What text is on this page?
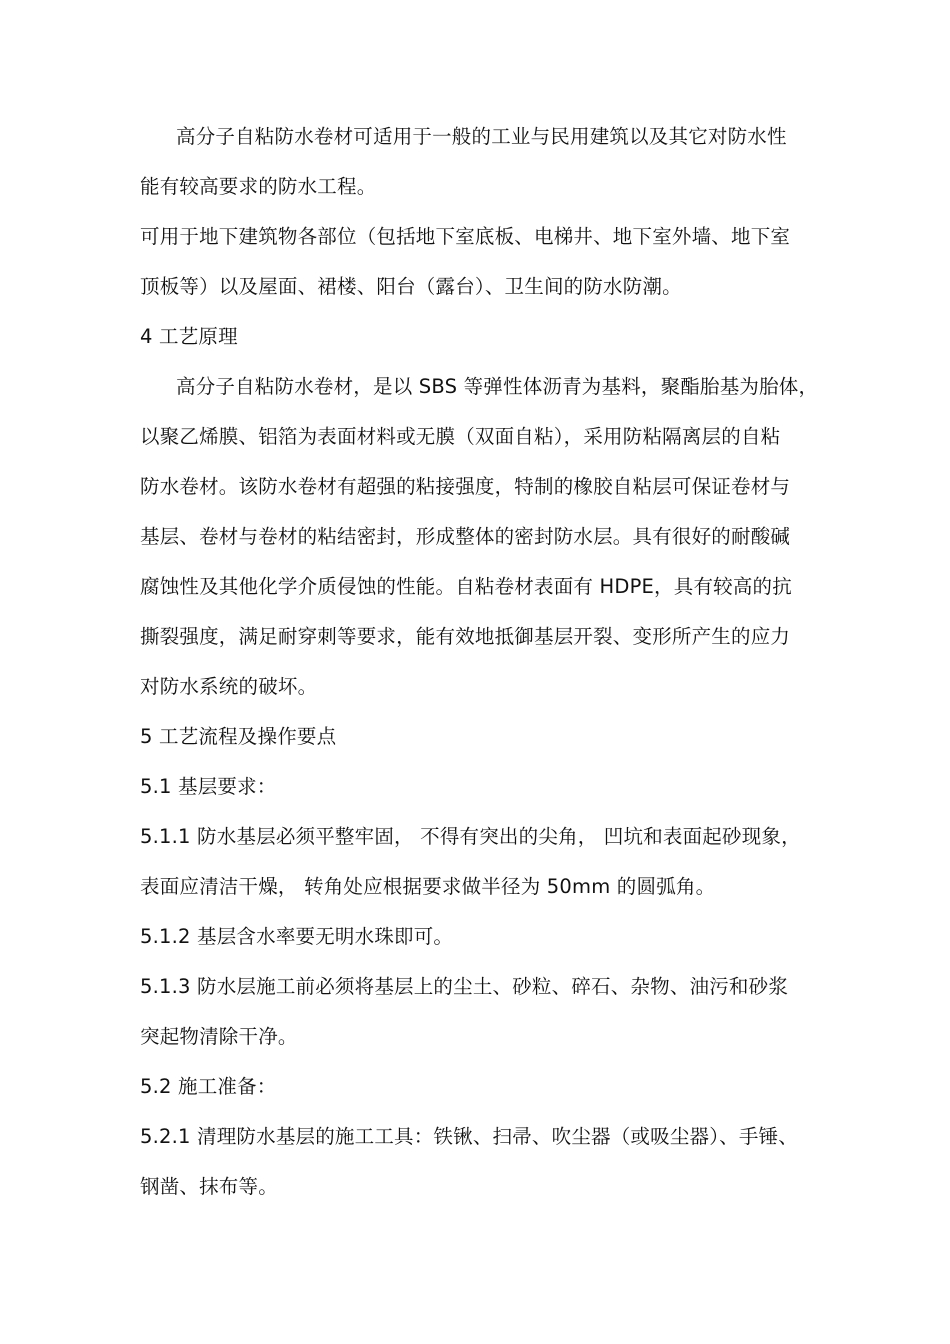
高分子自粘防水卷材可适用于一般的工业与民用建筑以及其它对防水性

能有较高要求的防水工程。

可用于地下建筑物各部位（包括地下室底板、电梯井、地下室外墙、地下室

顶板等）以及屋面、裙楼、阳台（露台）、卫生间的防水防潮。

4 工艺原理

高分子自粘防水卷材，是以 SBS 等弹性体沥青为基料，聚酯胎基为胎体，

以聚乙烯膜、铝箔为表面材料或无膜（双面自粘），采用防粘隔离层的自粘

防水卷材。该防水卷材有超强的粘接强度，特制的橡胶自粘层可保证卷材与

基层、卷材与卷材的粘结密封，形成整体的密封防水层。具有很好的耐酸碱

腐蚀性及其他化学介质侵蚀的性能。自粘卷材表面有 HDPE，具有较高的抗

撕裂强度，满足耐穿刺等要求，能有效地抵御基层开裂、变形所产生的应力

对防水系统的破坏。

5 工艺流程及操作要点

5.1 基层要求：

5.1.1 防水基层必须平整牢固， 不得有突出的尖角， 凹坑和表面起砂现象，

表面应清洁干燥， 转角处应根据要求做半径为 50mm 的圆弧角。

5.1.2 基层含水率要无明水珠即可。

5.1.3 防水层施工前必须将基层上的尘土、砂粒、碎石、杂物、油污和砂浆

突起物清除干净。

5.2 施工准备：

5.2.1 清理防水基层的施工工具：铁锹、扫帚、吹尘器（或吸尘器）、手锤、

钢凿、抹布等。
